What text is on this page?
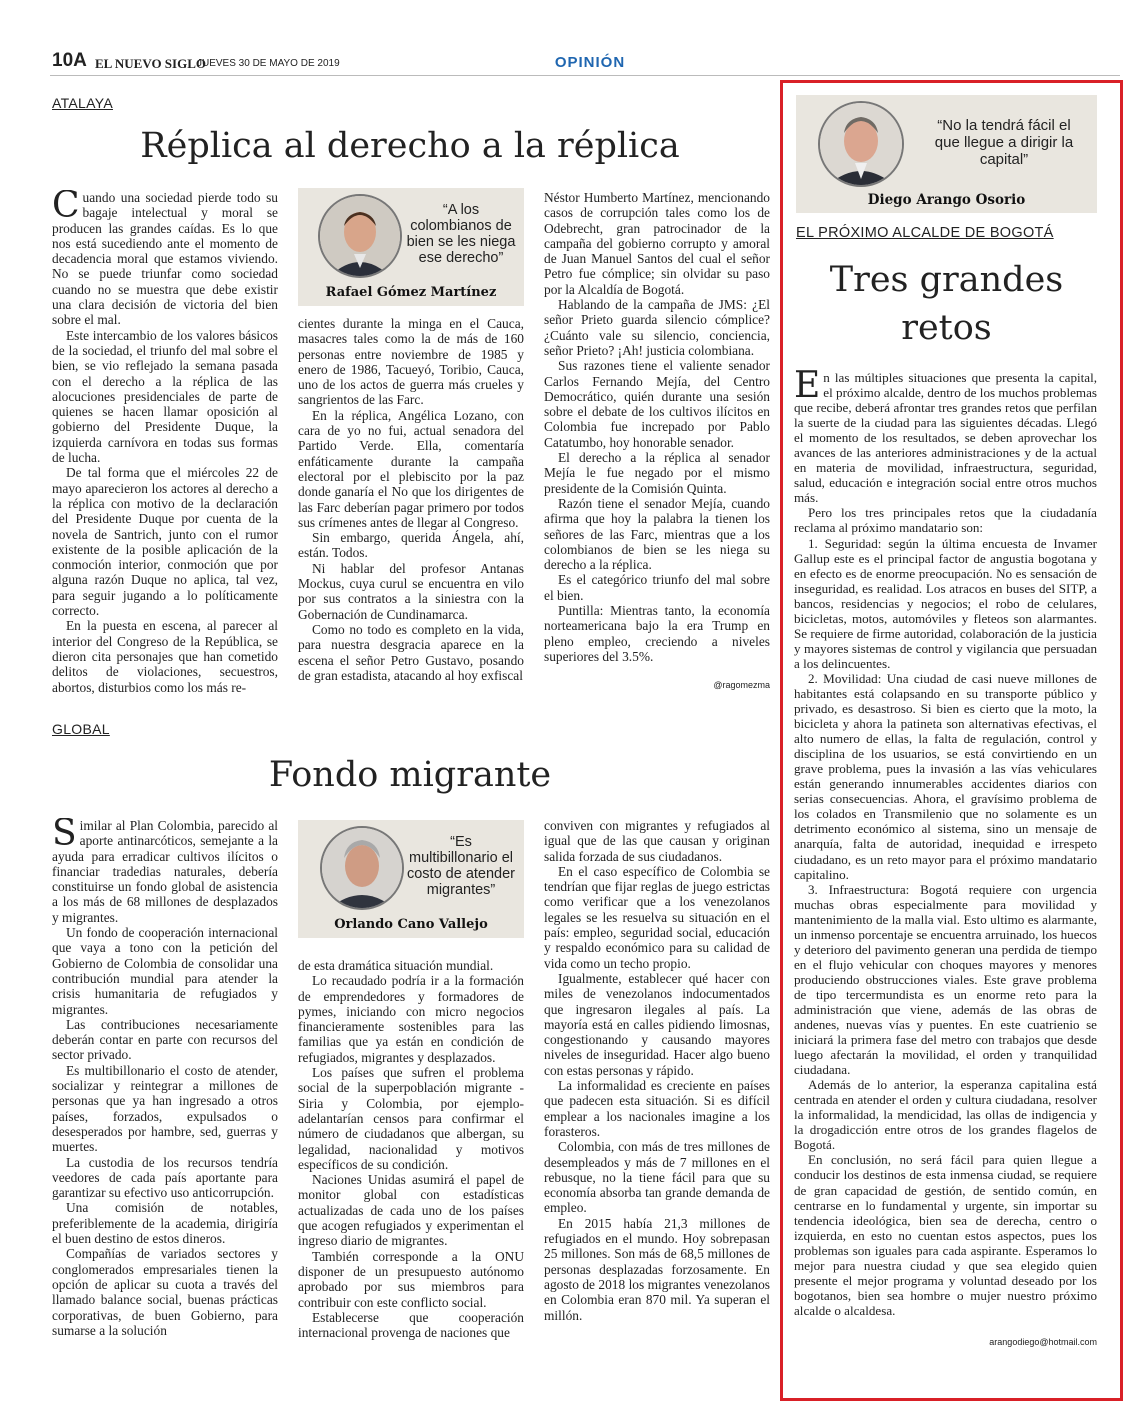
10A EL NUEVO SIGLO
JUEVES 30 DE MAYO DE 2019	OPINIÓN
ATALAYA
Réplica al derecho a la réplica

Cuando una sociedad pierde todo su bagaje intelectual y moral se producen las grandes caídas. Es lo que nos está sucediendo ante el momento de decadencia moral que estamos viviendo. No se puede triunfar como sociedad cuando no se muestra que debe existir una clara decisión de victoria del bien sobre el mal.

Este intercambio de los valores básicos de la sociedad, el triunfo del mal sobre el bien, se vio reflejado la semana pasada con el derecho a la réplica de las alocuciones presidenciales de parte de quienes se hacen llamar oposición al gobierno del Presidente Duque, la izquierda carnívora en todas sus formas de lucha.

De tal forma que el miércoles 22 de mayo aparecieron los actores al derecho a la réplica con motivo de la declaración del Presidente Duque por cuenta de la novela de Santrich, junto con el rumor existente de la posible aplicación de la conmoción interior, conmoción que por alguna razón Duque no aplica, tal vez, para seguir jugando a lo políticamente correcto.

En la puesta en escena, al parecer al interior del Congreso de la República, se dieron cita personajes que han cometido delitos de violaciones, secuestros, abortos, disturbios como los más re-

“A los colombianos de bien se les niega ese derecho”
Rafael Gómez Martínez

cientes durante la minga en el Cauca, masacres tales como la de más de 160 personas entre noviembre de 1985 y enero de 1986, Tacueyó, Toribio, Cauca, uno de los actos de guerra más crueles y sangrientos de las Farc.

En la réplica, Angélica Lozano, con cara de yo no fui, actual senadora del Partido Verde. Ella, comentaría enfáticamente durante la campaña electoral por el plebiscito por la paz donde ganaría el No que los dirigentes de las Farc deberían pagar primero por todos sus crímenes antes de llegar al Congreso.

Sin embargo, querida Ángela, ahí, están. Todos.

Ni hablar del profesor Antanas Mockus, cuya curul se encuentra en vilo por sus contratos a la siniestra con la Gobernación de Cundinamarca.

Como no todo es completo en la vida, para nuestra desgracia aparece en la escena el señor Petro Gustavo, posando de gran estadista, atacando al hoy exfiscal

Néstor Humberto Martínez, mencionando casos de corrupción tales como los de Odebrecht, gran patrocinador de la campaña del gobierno corrupto y amoral de Juan Manuel Santos del cual el señor Petro fue cómplice; sin olvidar su paso por la Alcaldía de Bogotá.

Hablando de la campaña de JMS: ¿El señor Prieto guarda silencio cómplice? ¿Cuánto vale su silencio, conciencia, señor Prieto? ¡Ah! justicia colombiana.

Sus razones tiene el valiente senador Carlos Fernando Mejía, del Centro Democrático, quién durante una sesión sobre el debate de los cultivos ilícitos en Colombia fue increpado por Pablo Catatumbo, hoy honorable senador.

El derecho a la réplica al senador Mejía le fue negado por el mismo presidente de la Comisión Quinta.

Razón tiene el senador Mejía, cuando afirma que hoy la palabra la tienen los señores de las Farc, mientras que a los colombianos de bien se les niega su derecho a la réplica.

Es el categórico triunfo del mal sobre el bien.

Puntilla: Mientras tanto, la economía norteamericana bajo la era Trump en pleno empleo, creciendo a niveles superiores del 3.5%.

@ragomezma
GLOBAL
Fondo migrante

Similar al Plan Colombia, parecido al aporte antinarcóticos, semejante a la ayuda para erradicar cultivos ilícitos o financiar tradedias naturales, debería constituirse un fondo global de asistencia a los más de 68 millones de desplazados y migrantes.

Un fondo de cooperación internacional que vaya a tono con la petición del Gobierno de Colombia de consolidar una contribución mundial para atender la crisis humanitaria de refugiados y migrantes.

Las contribuciones necesariamente deberán contar en parte con recursos del sector privado.

Es multibillonario el costo de atender, socializar y reintegrar a millones de personas que ya han ingresado a otros países, forzados, expulsados o desesperados por hambre, sed, guerras y muertes.

La custodia de los recursos tendría veedores de cada país aportante para garantizar su efectivo uso anticorrupción.

Una comisión de notables, preferiblemente de la academia, dirigiría el buen destino de estos dineros.

Compañías de variados sectores y conglomerados empresariales tienen la opción de aplicar su cuota a través del llamado balance social, buenas prácticas corporativas, de buen Gobierno, para sumarse a la solución

“Es multibillonario el costo de atender migrantes”
Orlando Cano Vallejo

de esta dramática situación mundial.

Lo recaudado podría ir a la formación de emprendedores y formadores de pymes, iniciando con micro negocios financieramente sostenibles para las familias que ya están en condición de refugiados, migrantes y desplazados.

Los países que sufren el problema social de la superpoblación migrante -Siria y Colombia, por ejemplo- adelantarían censos para confirmar el número de ciudadanos que albergan, su legalidad, nacionalidad y motivos específicos de su condición.

Naciones Unidas asumirá el papel de monitor global con estadísticas actualizadas de cada uno de los países que acogen refugiados y experimentan el ingreso diario de migrantes.

También corresponde a la ONU disponer de un presupuesto autónomo aprobado por sus miembros para contribuir con este conflicto social.

Establecerse que cooperación internacional provenga de naciones que

conviven con migrantes y refugiados al igual que de las que causan y originan salida forzada de sus ciudadanos.

En el caso específico de Colombia se tendrían que fijar reglas de juego estrictas como verificar que a los venezolanos legales se les resuelva su situación en el país: empleo, seguridad social, educación y respaldo económico para su calidad de vida como un techo propio.

Igualmente, establecer qué hacer con miles de venezolanos indocumentados que ingresaron ilegales al país. La mayoría está en calles pidiendo limosnas, congestionando y causando mayores niveles de inseguridad. Hacer algo bueno con estas personas y rápido.

La informalidad es creciente en países que padecen esta situación. Si es difícil emplear a los nacionales imagine a los forasteros.

Colombia, con más de tres millones de desempleados y más de 7 millones en el rebusque, no la tiene fácil para que su economía absorba tan grande demanda de empleo.

En 2015 había 21,3 millones de refugiados en el mundo. Hoy sobrepasan 25 millones. Son más de 68,5 millones de personas desplazadas forzosamente. En agosto de 2018 los migrantes venezolanos en Colombia eran 870 mil. Ya superan el millón.

“No la tendrá fácil el que llegue a dirigir la capital”
Diego Arango Osorio
EL PRÓXIMO ALCALDE DE BOGOTÁ
Tres grandes retos

En las múltiples situaciones que presenta la capital, el próximo alcalde, dentro de los muchos problemas que recibe, deberá afrontar tres grandes retos que perfilan la suerte de la ciudad para las siguientes décadas. Llegó el momento de los resultados, se deben aprovechar los avances de las anteriores administraciones y de la actual en materia de movilidad, infraestructura, seguridad, salud, educación e integración social entre otros muchos más.

Pero los tres principales retos que la ciudadanía reclama al próximo mandatario son:

1. Seguridad: según la última encuesta de Invamer Gallup este es el principal factor de angustia bogotana y en efecto es de enorme preocupación. No es sensación de inseguridad, es realidad. Los atracos en buses del SITP, a bancos, residencias y negocios; el robo de celulares, bicicletas, motos, automóviles y fleteos son alarmantes. Se requiere de firme autoridad, colaboración de la justicia y mayores sistemas de control y vigilancia que persuadan a los delincuentes.

2. Movilidad: Una ciudad de casi nueve millones de habitantes está colapsando en su transporte público y privado, es desastroso. Si bien es cierto que la moto, la bicicleta y ahora la patineta son alternativas efectivas, el alto numero de ellas, la falta de regulación, control y disciplina de los usuarios, se está convirtiendo en un grave problema, pues la invasión a las vías vehiculares están generando innumerables accidentes diarios con serias consecuencias. Ahora, el gravísimo problema de los colados en Transmilenio que no solamente es un detrimento económico al sistema, sino un mensaje de anarquía, falta de autoridad, inequidad e irrespeto ciudadano, es un reto mayor para el próximo mandatario capitalino.

3. Infraestructura: Bogotá requiere con urgencia muchas obras especialmente para movilidad y mantenimiento de la malla vial. Esto ultimo es alarmante, un inmenso porcentaje se encuentra arruinado, los huecos y deterioro del pavimento generan una perdida de tiempo en el flujo vehicular con choques mayores y menores produciendo obstrucciones viales. Este grave problema de tipo tercermundista es un enorme reto para la administración que viene, además de las obras de andenes, nuevas vías y puentes. En este cuatrienio se iniciará la primera fase del metro con trabajos que desde luego afectarán la movilidad, el orden y tranquilidad ciudadana.

Además de lo anterior, la esperanza capitalina está centrada en atender el orden y cultura ciudadana, resolver la informalidad, la mendicidad, las ollas de indigencia y la drogadicción entre otros de los grandes flagelos de Bogotá.

En conclusión, no será fácil para quien llegue a conducir los destinos de esta inmensa ciudad, se requiere de gran capacidad de gestión, de sentido común, en centrarse en lo fundamental y urgente, sin importar su tendencia ideológica, bien sea de derecha, centro o izquierda, en esto no cuentan estos aspectos, pues los problemas son iguales para cada aspirante. Esperamos lo mejor para nuestra ciudad y que sea elegido quien presente el mejor programa y voluntad deseado por los bogotanos, bien sea hombre o mujer nuestro próximo alcalde o alcaldesa.

arangodiego@hotmail.com
